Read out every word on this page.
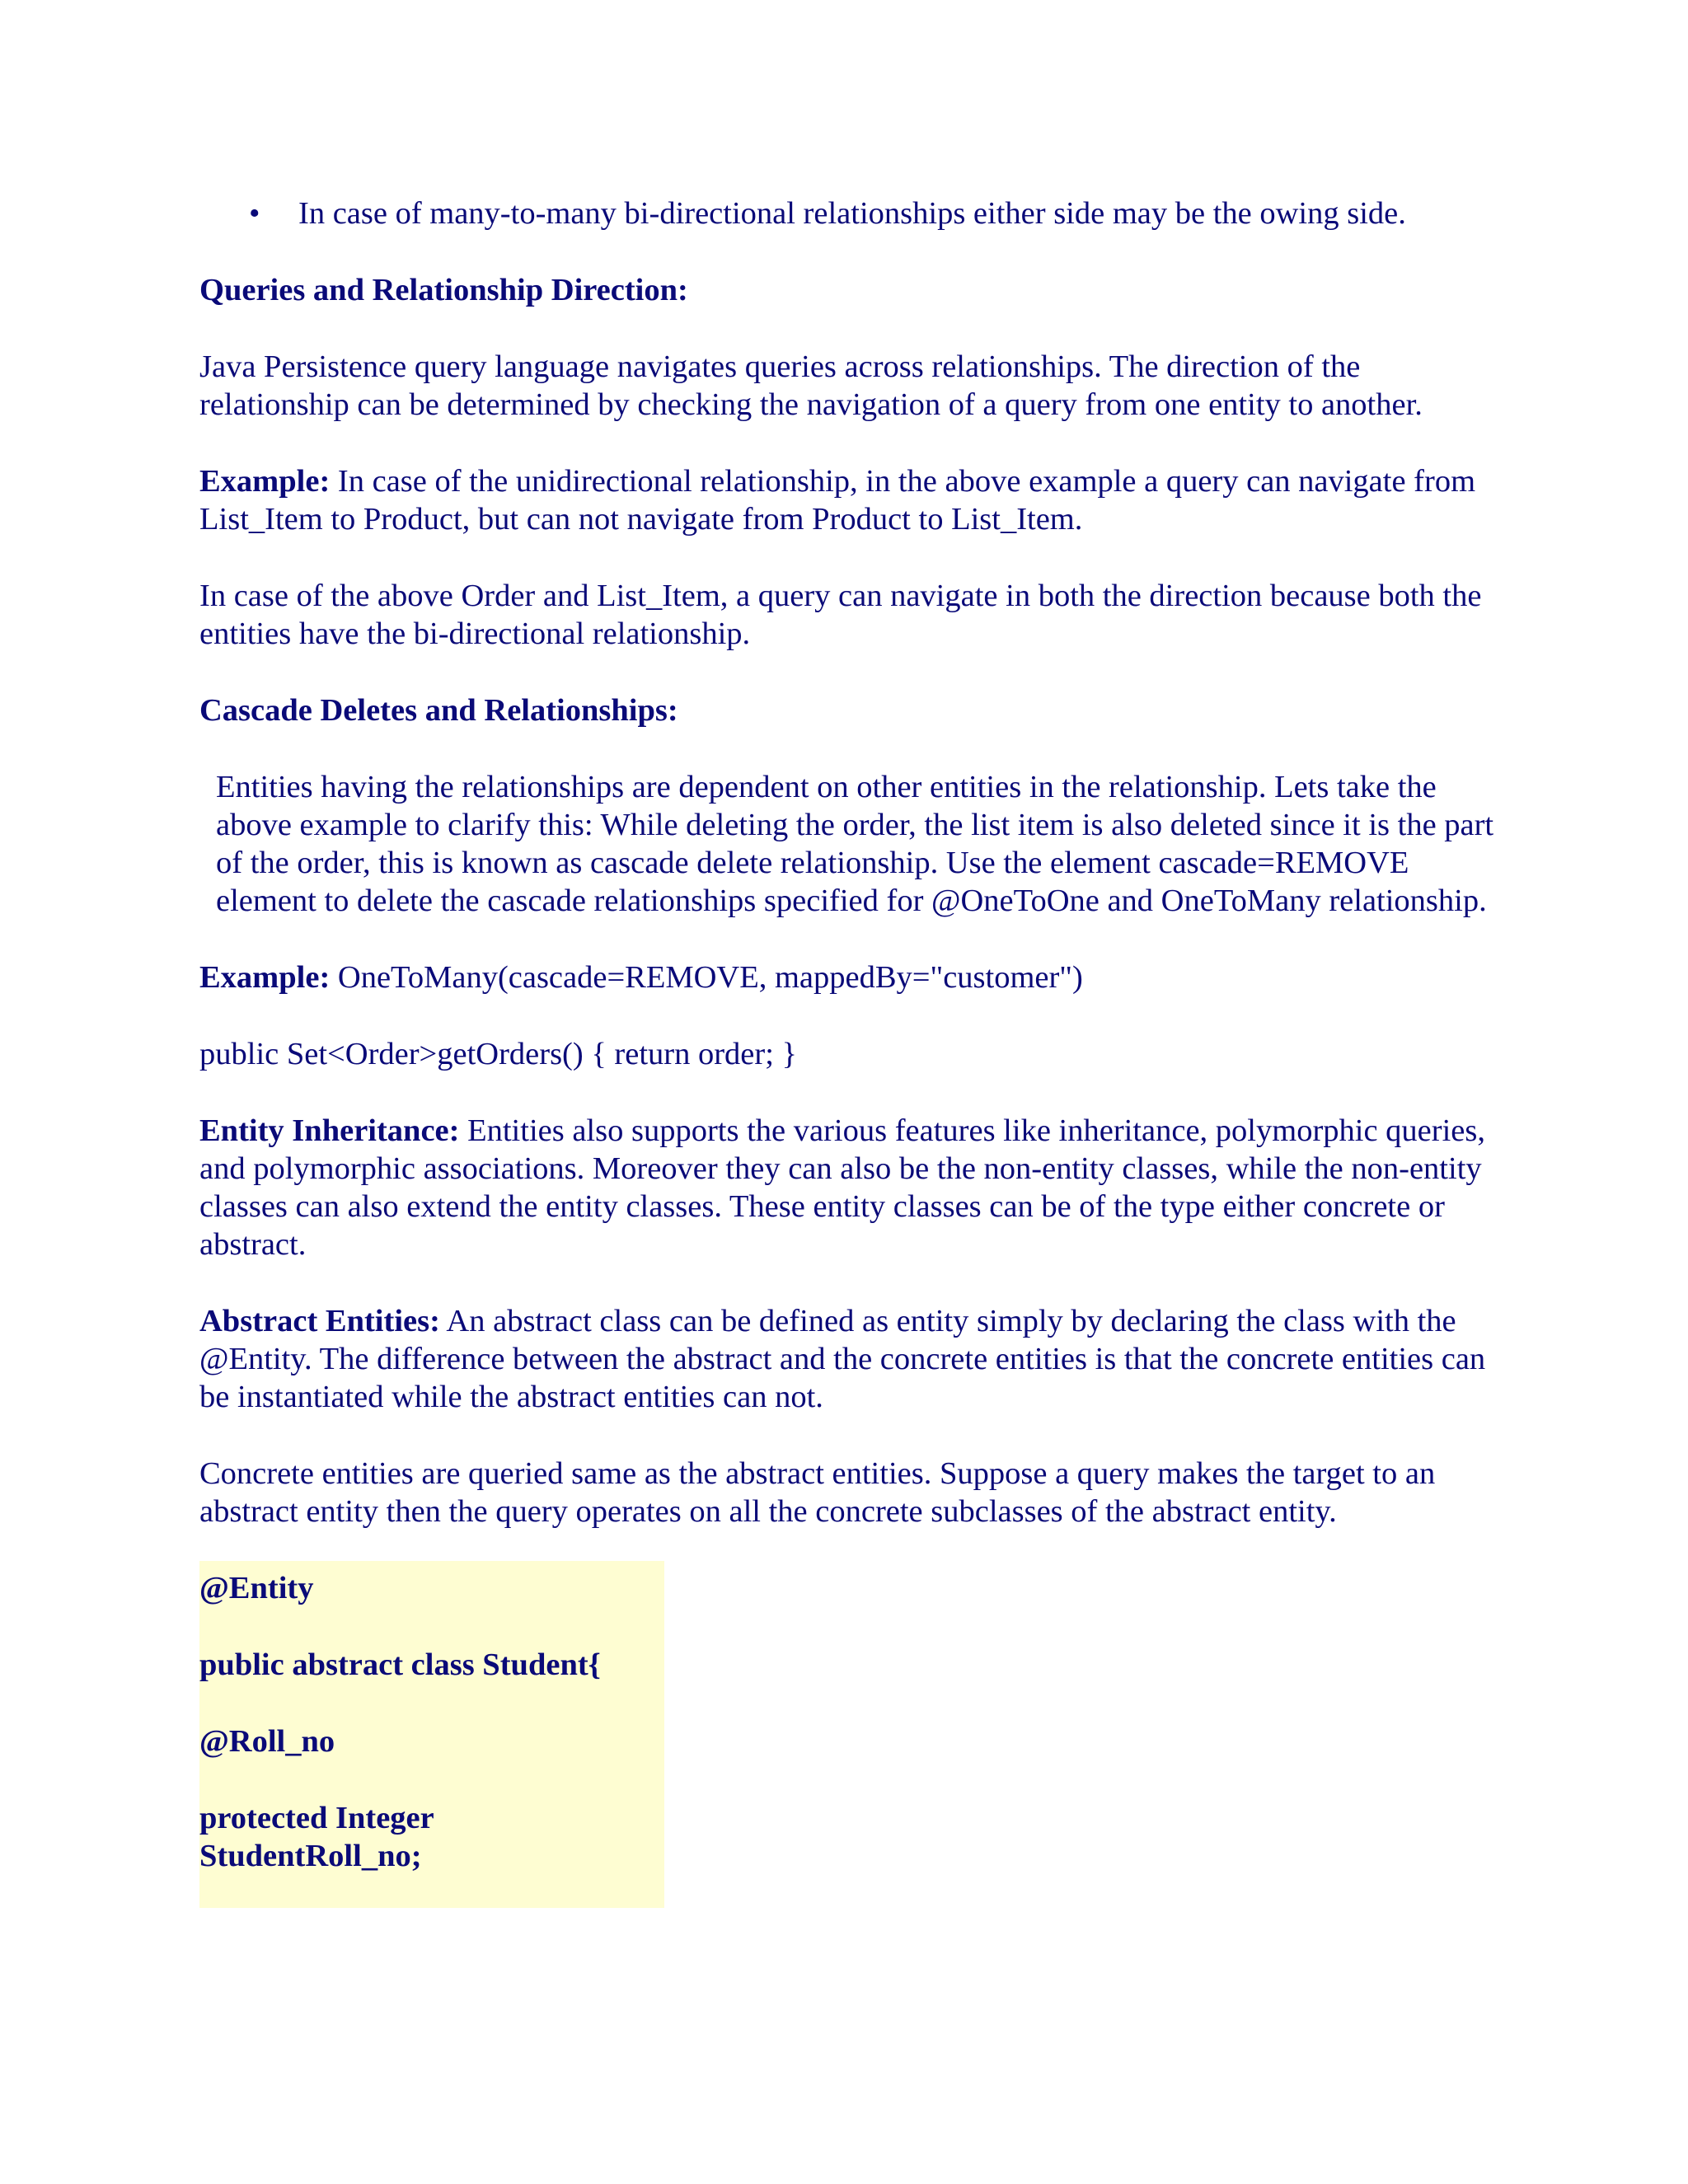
• In case of many-to-many bi-directional relationships either side may be the owing side.
Queries and Relationship Direction:
Java Persistence query language navigates queries across relationships. The direction of the relationship can be determined by checking the navigation of a query from one entity to another.
Example: In case of the unidirectional relationship, in the above example a query can navigate from List_Item to Product, but can not navigate from Product to List_Item.
In case of the above Order and List_Item, a query can navigate in both the direction because both the entities have the bi-directional relationship.
Cascade Deletes and Relationships:
Entities having the relationships are dependent on other entities in the relationship. Lets take the above example to clarify this: While deleting the order, the list item is also deleted since it is the part of the order, this is known as cascade delete relationship. Use the element cascade=REMOVE element to delete the cascade relationships specified for @OneToOne and OneToMany relationship.
Example: OneToMany(cascade=REMOVE, mappedBy="customer")
public Set<Order>getOrders() { return order; }
Entity Inheritance: Entities also supports the various features like inheritance, polymorphic queries, and polymorphic associations. Moreover they can also be the non-entity classes, while the non-entity classes can also extend the entity classes. These entity classes can be of the type either concrete or abstract.
Abstract Entities: An abstract class can be defined as entity simply by declaring the class with the @Entity. The difference between the abstract and the concrete entities is that the concrete entities can be instantiated while the abstract entities can not.
Concrete entities are queried same as the abstract entities. Suppose a query makes the target to an abstract entity then the query operates on all the concrete subclasses of the abstract entity.
@Entity
public abstract class Student{
@Roll_no
protected Integer
StudentRoll_no;
